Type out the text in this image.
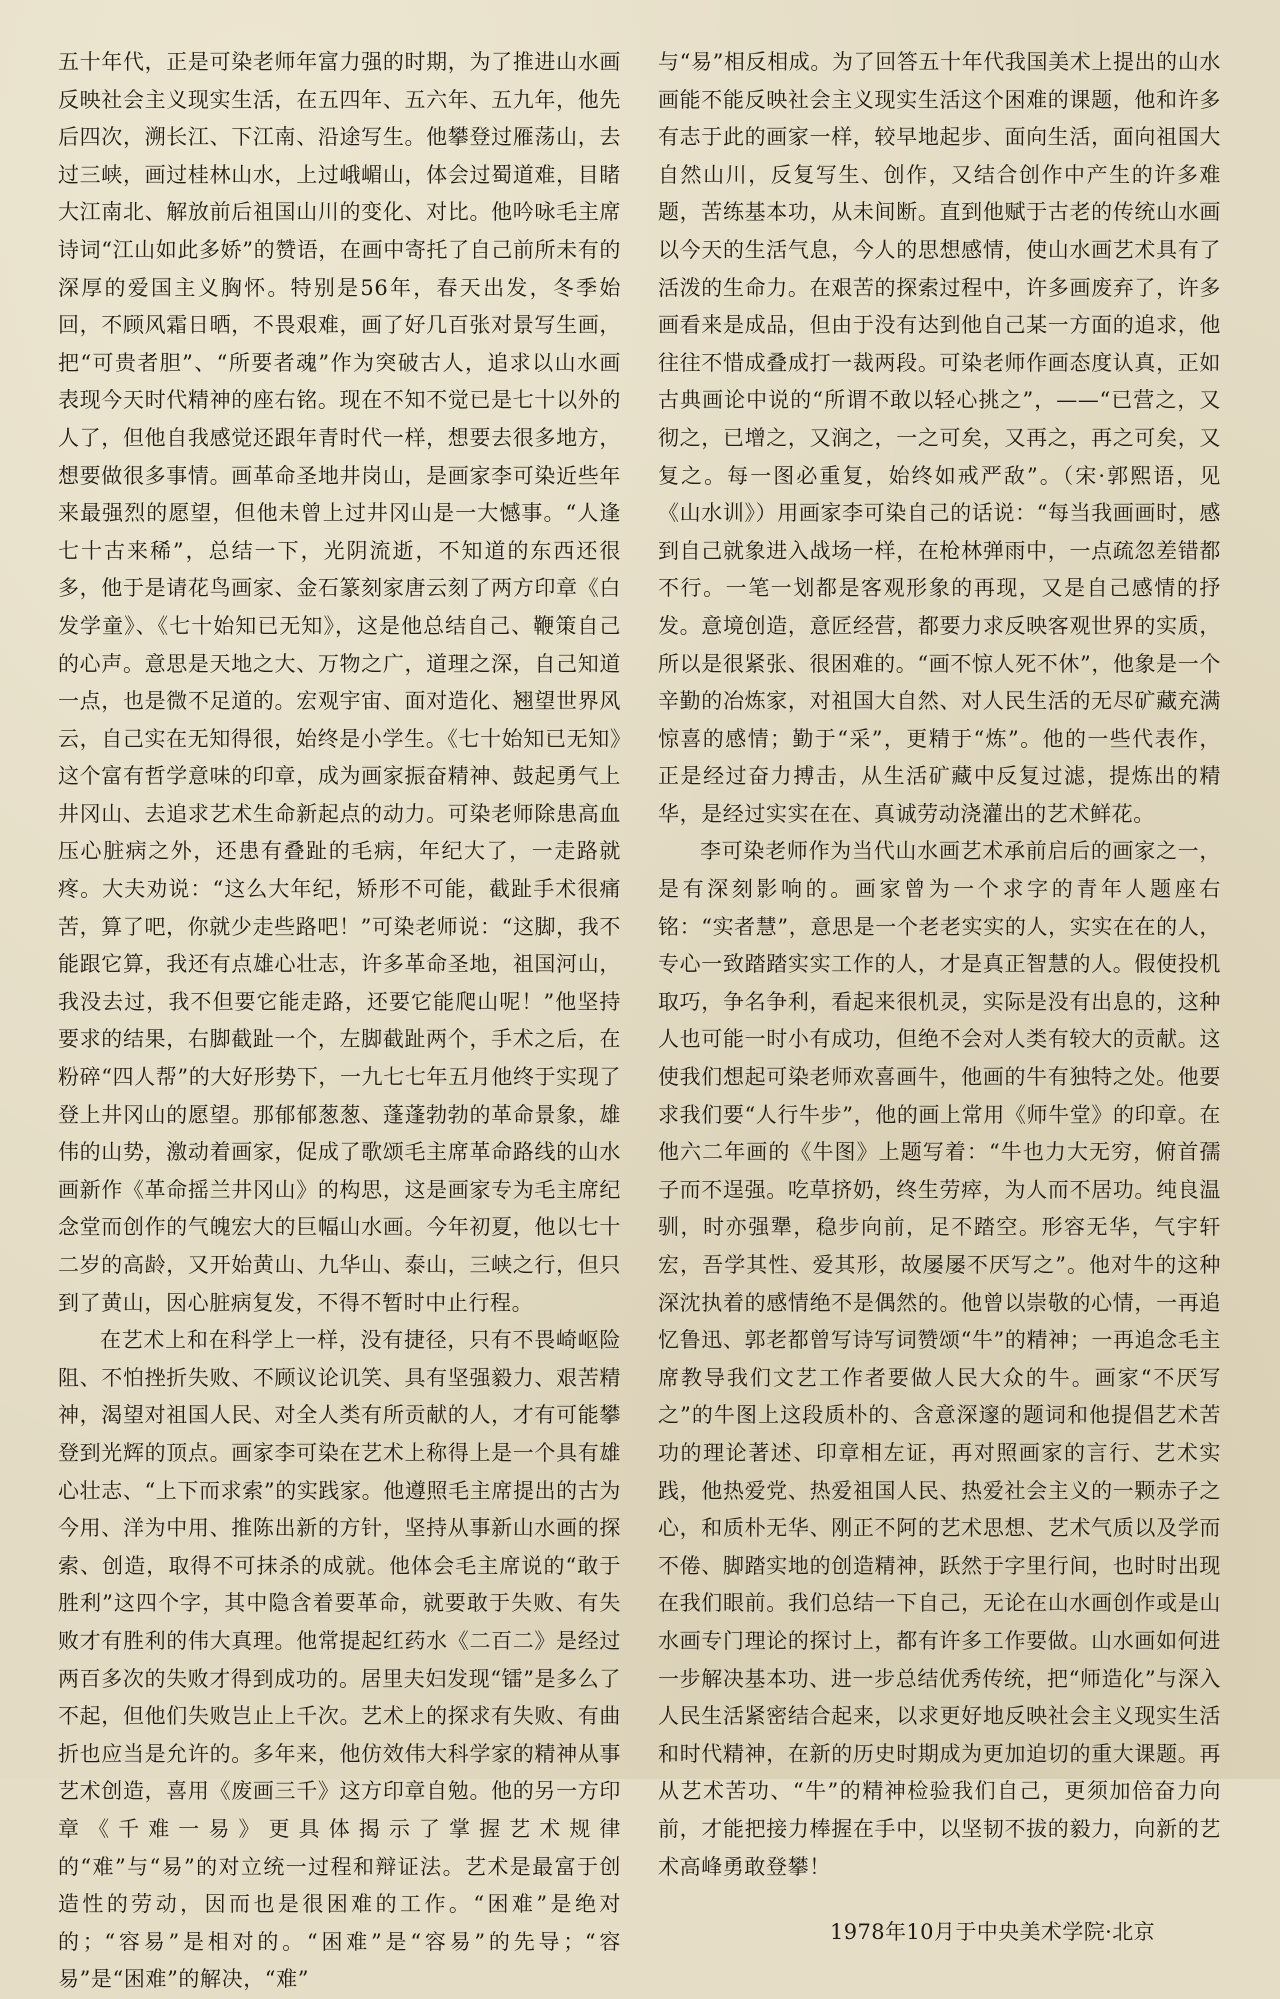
五十年代，正是可染老师年富力强的时期，为了推进山水画反映社会主义现实生活，在五四年、五六年、五九年，他先后四次，溯长江、下江南、沿途写生。他攀登过雁荡山，去过三峡，画过桂林山水，上过峨嵋山，体会过蜀道难，目睹大江南北、解放前后祖国山川的变化、对比。他吟咏毛主席诗词“江山如此多娇”的赞语，在画中寄托了自己前所未有的深厚的爱国主义胸怀。特别是56年，春天出发，冬季始回，不顾风霜日晒，不畏艰难，画了好几百张对景写生画，把“可贵者胆”、“所要者魂”作为突破古人，追求以山水画表现今天时代精神的座右铭。现在不知不觉已是七十以外的人了，但他自我感觉还跟年青时代一样，想要去很多地方，想要做很多事情。画革命圣地井岗山，是画家李可染近些年来最强烈的愿望，但他未曾上过井冈山是一大憾事。“人逢七十古来稀”，总结一下，光阴流逝，不知道的东西还很多，他于是请花鸟画家、金石篆刻家唐云刻了两方印章《白发学童》、《七十始知已无知》，这是他总结自己、鞭策自己的心声。意思是天地之大、万物之广，道理之深，自己知道一点，也是微不足道的。宏观宇宙、面对造化、翘望世界风云，自己实在无知得很，始终是小学生。《七十始知已无知》这个富有哲学意味的印章，成为画家振奋精神、鼓起勇气上井冈山、去追求艺术生命新起点的动力。可染老师除患高血压心脏病之外，还患有叠趾的毛病，年纪大了，一走路就疼。大夫劝说：“这么大年纪，矫形不可能，截趾手术很痛苦，算了吧，你就少走些路吧！”可染老师说：“这脚，我不能跟它算，我还有点雄心壮志，许多革命圣地，祖国河山，我没去过，我不但要它能走路，还要它能爬山呢！”他坚持要求的结果，右脚截趾一个，左脚截趾两个，手术之后，在粉碎“四人帮”的大好形势下，一九七七年五月他终于实现了登上井冈山的愿望。那郁郁葱葱、蓬蓬勃勃的革命景象，雄伟的山势，激动着画家，促成了歌颂毛主席革命路线的山水画新作《革命摇兰井冈山》的构思，这是画家专为毛主席纪念堂而创作的气魄宏大的巨幅山水画。今年初夏，他以七十二岁的高龄，又开始黄山、九华山、泰山，三峡之行，但只到了黄山，因心脏病复发，不得不暂时中止行程。

在艺术上和在科学上一样，没有捷径，只有不畏崎岖险阻、不怕挫折失败、不顾议论讥笑、具有坚强毅力、艰苦精神，渴望对祖国人民、对全人类有所贡献的人，才有可能攀登到光辉的顶点。画家李可染在艺术上称得上是一个具有雄心壮志、“上下而求索”的实践家。他遵照毛主席提出的古为今用、洋为中用、推陈出新的方针，坚持从事新山水画的探索、创造，取得不可抹杀的成就。他体会毛主席说的“敢于胜利”这四个字，其中隐含着要革命，就要敢于失败、有失败才有胜利的伟大真理。他常提起红药水《二百二》是经过两百多次的失败才得到成功的。居里夫妇发现“镭”是多么了不起，但他们失败岂止上千次。艺术上的探求有失败、有曲折也应当是允许的。多年来，他仿效伟大科学家的精神从事艺术创造，喜用《废画三千》这方印章自勉。他的另一方印章《千难一易》更具体揭示了掌握艺术规律的“难”与“易”的对立统一过程和辩证法。艺术是最富于创造性的劳动，因而也是很困难的工作。“困难”是绝对的；“容易”是相对的。“困难”是“容易”的先导；“容易”是“困难”的解决，“难”

与“易”相反相成。为了回答五十年代我国美术上提出的山水画能不能反映社会主义现实生活这个困难的课题，他和许多有志于此的画家一样，较早地起步、面向生活，面向祖国大自然山川，反复写生、创作，又结合创作中产生的许多难题，苦练基本功，从未间断。直到他赋于古老的传统山水画以今天的生活气息，今人的思想感情，使山水画艺术具有了活泼的生命力。在艰苦的探索过程中，许多画废弃了，许多画看来是成品，但由于没有达到他自己某一方面的追求，他往往不惜成叠成打一裁两段。可染老师作画态度认真，正如古典画论中说的“所谓不敢以轻心挑之”，——“已营之，又彻之，已增之，又润之，一之可矣，又再之，再之可矣，又复之。每一图必重复，始终如戒严敌”。（宋·郭熙语，见《山水训》）用画家李可染自己的话说：“每当我画画时，感到自己就象进入战场一样，在枪林弹雨中，一点疏忽差错都不行。一笔一划都是客观形象的再现，又是自己感情的抒发。意境创造，意匠经营，都要力求反映客观世界的实质，所以是很紧张、很困难的。“画不惊人死不休”，他象是一个辛勤的冶炼家，对祖国大自然、对人民生活的无尽矿藏充满惊喜的感情；勤于“采”，更精于“炼”。他的一些代表作，正是经过奋力搏击，从生活矿藏中反复过滤，提炼出的精华，是经过实实在在、真诚劳动浇灌出的艺术鲜花。

李可染老师作为当代山水画艺术承前启后的画家之一，是有深刻影响的。画家曾为一个求字的青年人题座右铭：“实者慧”，意思是一个老老实实的人，实实在在的人，专心一致踏踏实实工作的人，才是真正智慧的人。假使投机取巧，争名争利，看起来很机灵，实际是没有出息的，这种人也可能一时小有成功，但绝不会对人类有较大的贡献。这使我们想起可染老师欢喜画牛，他画的牛有独特之处。他要求我们要“人行牛步”，他的画上常用《师牛堂》的印章。在他六二年画的《牛图》上题写着：“牛也力大无穷，俯首孺子而不逞强。吃草挤奶，终生劳瘁，为人而不居功。纯良温驯，时亦强犟，稳步向前，足不踏空。形容无华，气宇轩宏，吾学其性、爱其形，故屡屡不厌写之”。他对牛的这种深沈执着的感情绝不是偶然的。他曾以崇敬的心情，一再追忆鲁迅、郭老都曾写诗写词赞颂“牛”的精神；一再追念毛主席教导我们文艺工作者要做人民大众的牛。画家“不厌写之”的牛图上这段质朴的、含意深邃的题词和他提倡艺术苦功的理论著述、印章相左证，再对照画家的言行、艺术实践，他热爱党、热爱祖国人民、热爱社会主义的一颗赤子之心，和质朴无华、刚正不阿的艺术思想、艺术气质以及学而不倦、脚踏实地的创造精神，跃然于字里行间，也时时出现在我们眼前。我们总结一下自己，无论在山水画创作或是山水画专门理论的探讨上，都有许多工作要做。山水画如何进一步解决基本功、进一步总结优秀传统，把“师造化”与深入人民生活紧密结合起来，以求更好地反映社会主义现实生活和时代精神，在新的历史时期成为更加迫切的重大课题。再从艺术苦功、“牛”的精神检验我们自己，更须加倍奋力向前，才能把接力棒握在手中，以坚韧不拔的毅力，向新的艺术高峰勇敢登攀！

1978年10月于中央美术学院·北京
